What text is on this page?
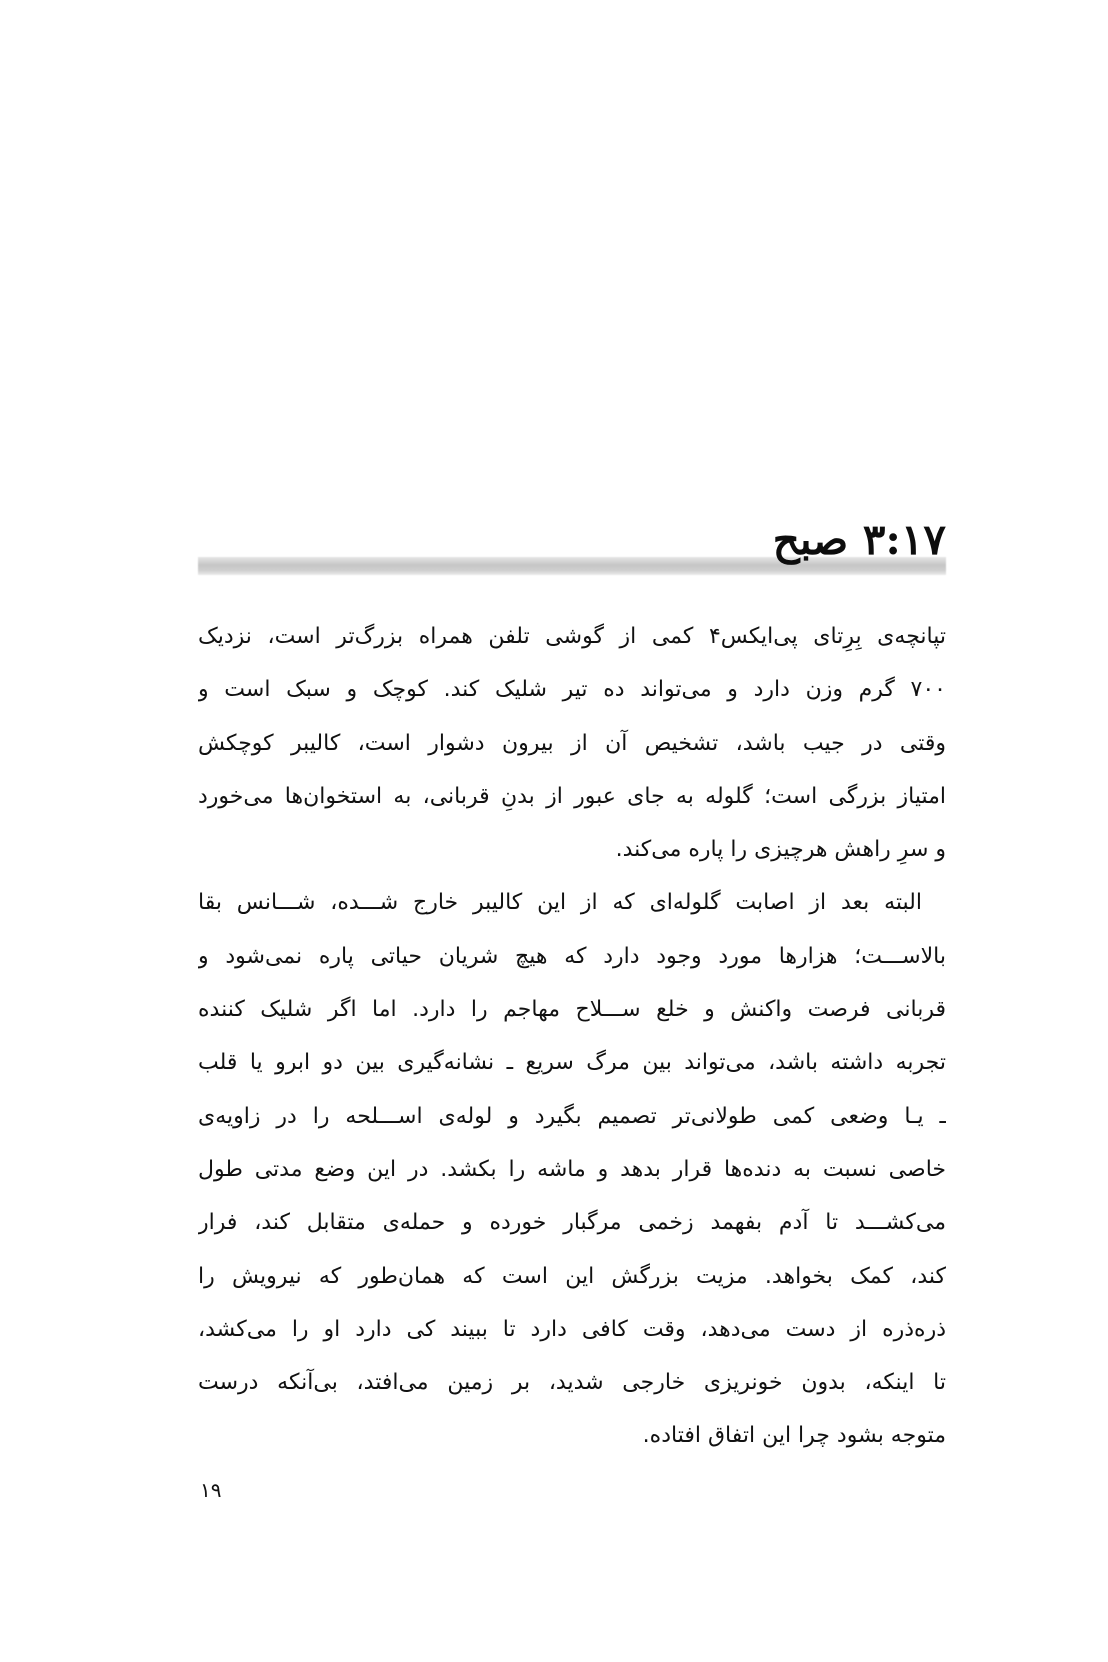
۳:۱۷ صبح
تپانچه‌ی بِرِتای پی‌ایکس۴ کمی از گوشی تلفن همراه بزرگ‌تر است، نزدیک
۷۰۰ گرم وزن دارد و می‌تواند ده تیر شلیک کند. کوچک و سبک است و
وقتی در جیب باشد، تشخیص آن از بیرون دشوار است، کالیبر کوچکش
امتیاز بزرگی است؛ گلوله به جای عبور از بدنِ قربانی، به استخوان‌ها می‌خورد
و سرِ راهش هرچیزی را پاره می‌کند.
البته بعد از اصابت گلوله‌ای که از این کالیبر خارج شـــده، شـــانس بقا
بالاســـت؛ هزارها مورد وجود دارد که هیچ شریان حیاتی پاره نمی‌شود و
قربانی فرصت واکنش و خلع ســـلاح مهاجم را دارد. اما اگر شلیک کننده
تجربه داشته باشد، می‌تواند بین مرگ سریع ـ نشانه‌گیری بین دو ابرو یا قلب
ـ یـا وضعی کمی طولانی‌تر تصمیم بگیرد و لوله‌ی اســـلحه را در زاویه‌ی
خاصی نسبت به دنده‌ها قرار بدهد و ماشه را بکشد. در این وضع مدتی طول
می‌کشـــد تا آدم بفهمد زخمی مرگبار خورده و حمله‌ی متقابل کند، فرار
کند، کمک بخواهد. مزیت بزرگش این است که همان‌طور که نیرویش را
ذره‌ذره از دست می‌دهد، وقت کافی دارد تا ببیند کی دارد او را می‌کشد،
تا اینکه، بدون خونریزی خارجی شدید، بر زمین می‌افتد، بی‌آنکه درست
متوجه بشود چرا این اتفاق افتاده.
۱۹
